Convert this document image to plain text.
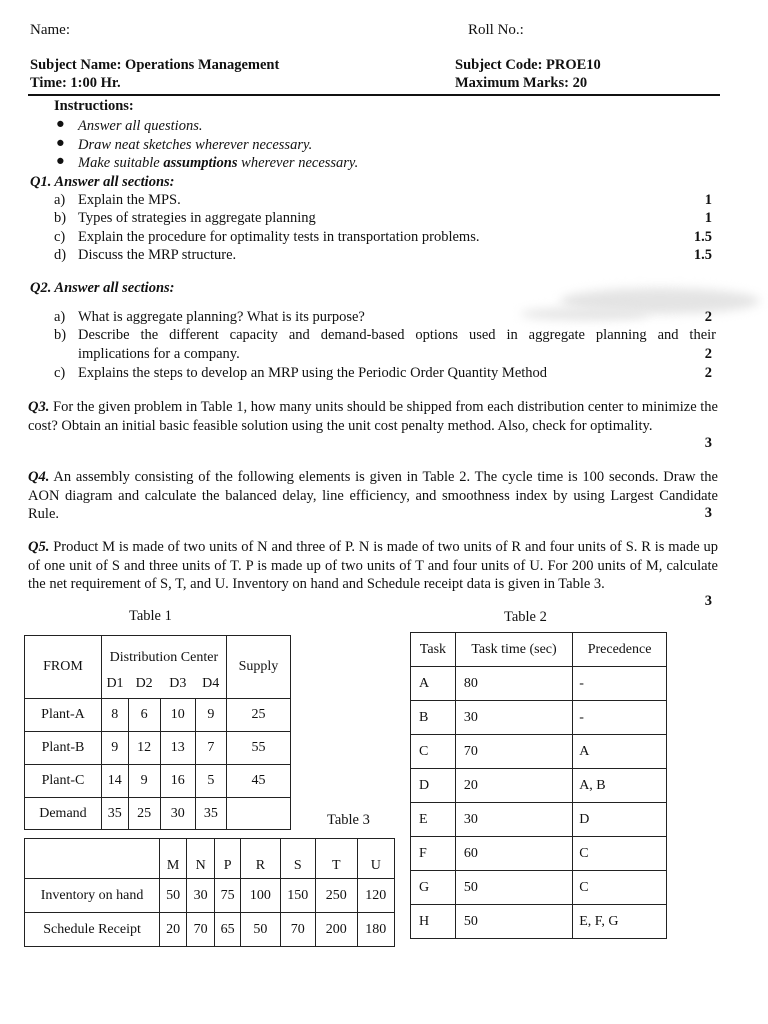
Name:	Roll No.:
Subject Name: Operations Management	Subject Code: PROE10
Time: 1:00 Hr.	Maximum Marks: 20
Instructions:
● Answer all questions.
● Draw neat sketches wherever necessary.
● Make suitable assumptions wherever necessary.
Q1. Answer all sections:
a) Explain the MPS.	1
b) Types of strategies in aggregate planning	1
c) Explain the procedure for optimality tests in transportation problems.	1.5
d) Discuss the MRP structure.	1.5
Q2. Answer all sections:
a) What is aggregate planning? What is its purpose?	2
b) Describe the different capacity and demand-based options used in aggregate planning and their
implications for a company.	2
c) Explains the steps to develop an MRP using the Periodic Order Quantity Method	2
Q3. For the given problem in Table 1, how many units should be shipped from each distribution center to minimize the cost? Obtain an initial basic feasible solution using the unit cost penalty method. Also, check for optimality.
3
Q4. An assembly consisting of the following elements is given in Table 2. The cycle time is 100 seconds. Draw the AON diagram and calculate the balanced delay, line efficiency, and smoothness index by using Largest Candidate Rule.	3
Q5. Product M is made of two units of N and three of P. N is made of two units of R and four units of S. R is made up of one unit of S and three units of T. P is made up of two units of T and four units of U. For 200 units of M, calculate the net requirement of S, T, and U. Inventory on hand and Schedule receipt data is given in Table 3.
3
Table 1	Table 2
Table 3
FROM	Distribution Center				Supply
	D1	D2	D3	D4	
Plant-A	8	6	10	9	25
Plant-B	9	12	13	7	55
Plant-C	14	9	16	5	45
Demand	35	25	30	35	
Task	Task time (sec)	Precedence
A	80	-
B	30	-
C	70	A
D	20	A, B
E	30	D
F	60	C
G	50	C
H	50	E, F, G
	M	N	P	R	S	T	U
Inventory on hand	50	30	75	100	150	250	120
Schedule Receipt	20	70	65	50	70	200	180
